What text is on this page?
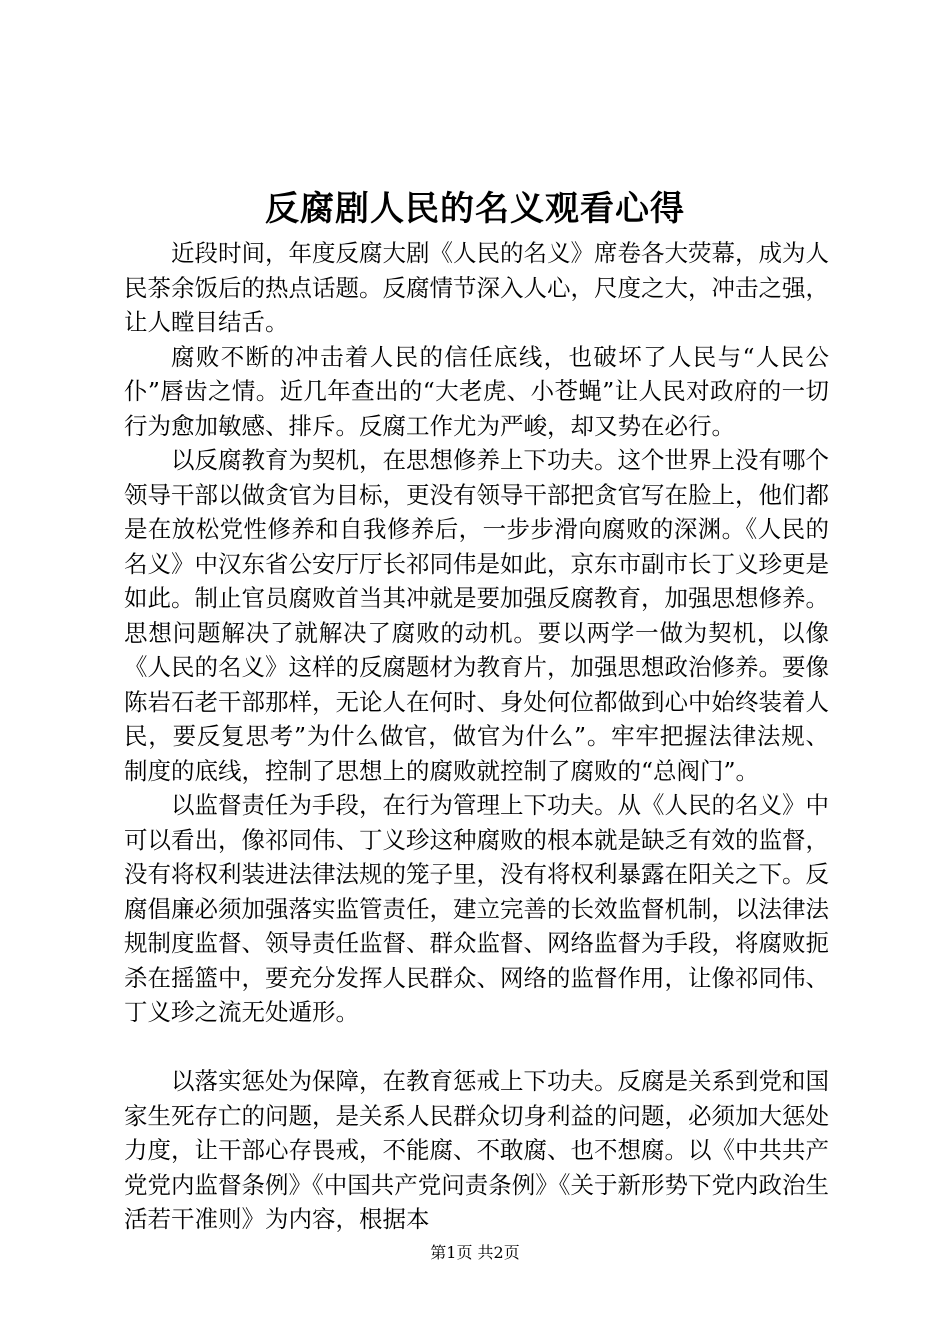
反腐剧人民的名义观看心得

近段时间，年度反腐大剧《人民的名义》席卷各大荧幕，成为人民茶余饭后的热点话题。反腐情节深入人心，尺度之大，冲击之强，让人瞠目结舌。

腐败不断的冲击着人民的信任底线，也破坏了人民与“人民公仆”唇齿之情。近几年查出的“大老虎、小苍蝇”让人民对政府的一切行为愈加敏感、排斥。反腐工作尤为严峻，却又势在必行。

以反腐教育为契机，在思想修养上下功夫。这个世界上没有哪个领导干部以做贪官为目标，更没有领导干部把贪官写在脸上，他们都是在放松党性修养和自我修养后，一步步滑向腐败的深渊。《人民的名义》中汉东省公安厅厅长祁同伟是如此，京东市副市长丁义珍更是如此。制止官员腐败首当其冲就是要加强反腐教育，加强思想修养。思想问题解决了就解决了腐败的动机。要以两学一做为契机，以像《人民的名义》这样的反腐题材为教育片，加强思想政治修养。要像陈岩石老干部那样，无论人在何时、身处何位都做到心中始终装着人民，要反复思考”为什么做官，做官为什么”。牢牢把握法律法规、制度的底线，控制了思想上的腐败就控制了腐败的“总阀门”。

以监督责任为手段，在行为管理上下功夫。从《人民的名义》中可以看出，像祁同伟、丁义珍这种腐败的根本就是缺乏有效的监督，没有将权利装进法律法规的笼子里，没有将权利暴露在阳关之下。反腐倡廉必须加强落实监管责任，建立完善的长效监督机制，以法律法规制度监督、领导责任监督、群众监督、网络监督为手段，将腐败扼杀在摇篮中，要充分发挥人民群众、网络的监督作用，让像祁同伟、丁义珍之流无处遁形。

以落实惩处为保障，在教育惩戒上下功夫。反腐是关系到党和国家生死存亡的问题，是关系人民群众切身利益的问题，必须加大惩处力度，让干部心存畏戒，不能腐、不敢腐、也不想腐。以《中共共产党党内监督条例》《中国共产党问责条例》《关于新形势下党内政治生活若干准则》为内容，根据本

第1页 共2页
